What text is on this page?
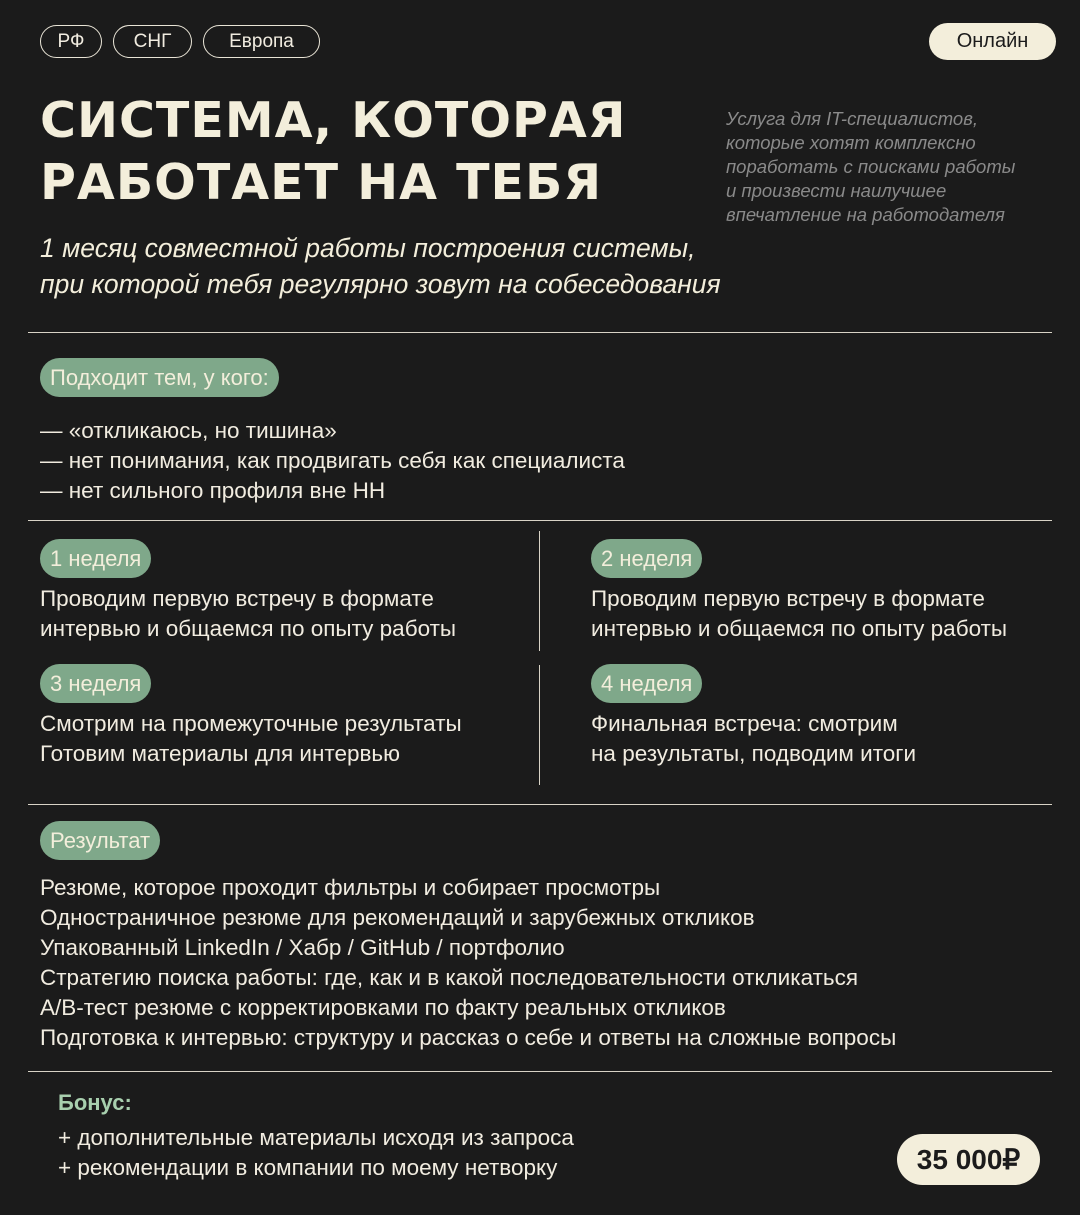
РФ	СНГ	Европа	Онлайн
СИСТЕМА, КОТОРАЯ
РАБОТАЕТ НА ТЕБЯ
Услуга для IT-специалистов,
которые хотят комплексно
поработать с поисками работы
и произвести наилучшее
впечатление на работодателя
1 месяц совместной работы построения системы,
при которой тебя регулярно зовут на собеседования
Подходит тем, у кого:
— «откликаюсь, но тишина»
— нет понимания, как продвигать себя как специалиста
— нет сильного профиля вне HH
1 неделя
Проводим первую встречу в формате
интервью и общаемся по опыту работы
2 неделя
Проводим первую встречу в формате
интервью и общаемся по опыту работы
3 неделя
Смотрим на промежуточные результаты
Готовим материалы для интервью
4 неделя
Финальная встреча: смотрим
на результаты, подводим итоги
Результат
Резюме, которое проходит фильтры и собирает просмотры
Одностраничное резюме для рекомендаций и зарубежных откликов
Упакованный LinkedIn / Хабр / GitHub / портфолио
Стратегию поиска работы: где, как и в какой последовательности откликаться
A/B-тест резюме с корректировками по факту реальных откликов
Подготовка к интервью: структуру и рассказ о себе и ответы на сложные вопросы
Бонус:
+ дополнительные материалы исходя из запроса
+ рекомендации в компании по моему нетворку	35 000₽
